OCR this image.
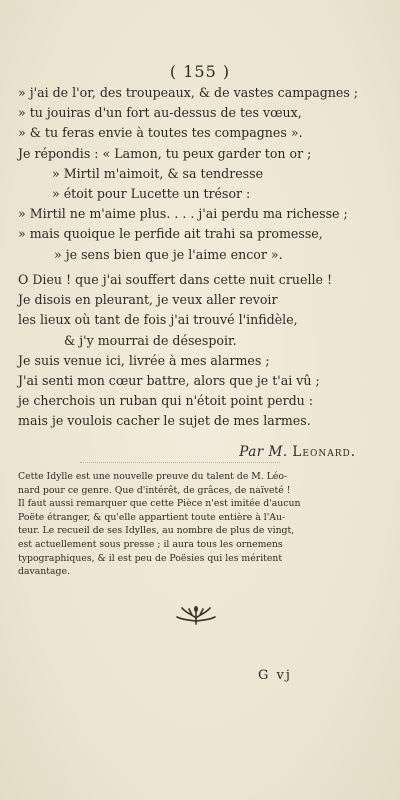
( 155 )
» j'ai de l'or, des troupeaux, & de vastes campagnes ;
» tu jouiras d'un fort au-dessus de tes vœux,
» & tu feras envie à toutes tes compagnes ».
Je répondis : « Lamon, tu peux garder ton or ;
» Mirtil m'aimoit, & sa tendresse
» étoit pour Lucette un trésor :
» Mirtil ne m'aime plus. . . . j'ai perdu ma richesse ;
» mais quoique le perfide ait trahi sa promesse,
» je sens bien que je l'aime encor ».
O Dieu ! que j'ai souffert dans cette nuit cruelle !
Je disois en pleurant, je veux aller revoir
les lieux où tant de fois j'ai trouvé l'infidèle,
& j'y mourrai de désespoir.
Je suis venue ici, livrée à mes alarmes ;
J'ai senti mon cœur battre, alors que je t'ai vû ;
je cherchois un ruban qui n'étoit point perdu :
mais je voulois cacher le sujet de mes larmes.
Par M. Leonard.
Cette Idylle est une nouvelle preuve du talent de M. Léo-
nard pour ce genre. Que d'intérêt, de grâces, de naïveté !
Il faut aussi remarquer que cette Pièce n'est imitée d'aucun
Poëte étranger, & qu'elle appartient toute entière à l'Au-
teur. Le recueil de ses Idylles, au nombre de plus de vingt,
est actuellement sous presse ; il aura tous les ornemens
typographiques, & il est peu de Poësies qui les méritent
davantage.
G vj
